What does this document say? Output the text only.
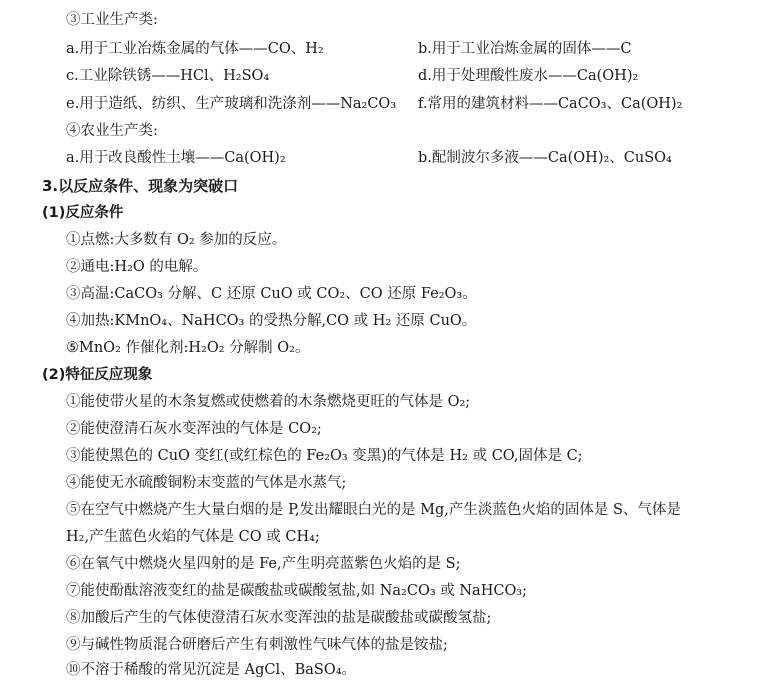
③工业生产类:
a.用于工业冶炼金属的气体——CO、H₂	b.用于工业冶炼金属的固体——C
c.工业除铁锈——HCl、H₂SO₄	d.用于处理酸性废水——Ca(OH)₂
e.用于造纸、纺织、生产玻璃和洗涤剂——Na₂CO₃ f.常用的建筑材料——CaCO₃、Ca(OH)₂
④农业生产类:
a.用于改良酸性土壤——Ca(OH)₂	b.配制波尔多液——Ca(OH)₂、CuSO₄
3.以反应条件、现象为突破口
(1)反应条件
①点燃:大多数有 O₂ 参加的反应。
②通电:H₂O 的电解。
③高温:CaCO₃ 分解、C 还原 CuO 或 CO₂、CO 还原 Fe₂O₃。
④加热:KMnO₄、NaHCO₃ 的受热分解,CO 或 H₂ 还原 CuO。
⑤MnO₂ 作催化剂:H₂O₂ 分解制 O₂。
(2)特征反应现象
①能使带火星的木条复燃或使燃着的木条燃烧更旺的气体是 O₂;
②能使澄清石灰水变浑浊的气体是 CO₂;
③能使黑色的 CuO 变红(或红棕色的 Fe₂O₃ 变黑)的气体是 H₂ 或 CO,固体是 C;
④能使无水硫酸铜粉末变蓝的气体是水蒸气;
⑤在空气中燃烧产生大量白烟的是 P,发出耀眼白光的是 Mg,产生淡蓝色火焰的固体是 S、气体是
H₂,产生蓝色火焰的气体是 CO 或 CH₄;
⑥在氧气中燃烧火星四射的是 Fe,产生明亮蓝紫色火焰的是 S;
⑦能使酚酞溶液变红的盐是碳酸盐或碳酸氢盐,如 Na₂CO₃ 或 NaHCO₃;
⑧加酸后产生的气体使澄清石灰水变浑浊的盐是碳酸盐或碳酸氢盐;
⑨与碱性物质混合研磨后产生有刺激性气味气体的盐是铵盐;
⑩不溶于稀酸的常见沉淀是 AgCl、BaSO₄。
